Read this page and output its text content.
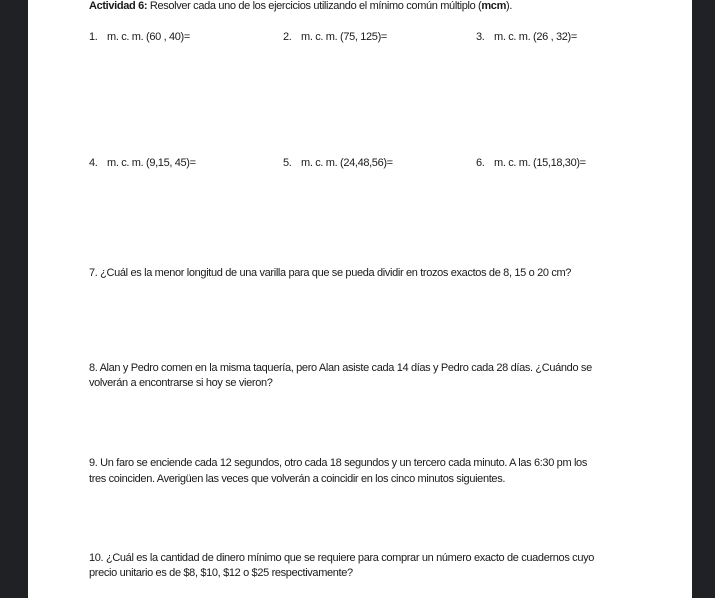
Actividad 6: Resolver cada uno de los ejercicios utilizando el mínimo común múltiplo (mcm).
1. m. c. m. (60 , 40)=	2. m. c. m. (75, 125)=	3. m. c. m. (26 , 32)=
4. m. c. m. (9,15, 45)=	5. m. c. m. (24,48,56)=	6. m. c. m. (15,18,30)=
7. ¿Cuál es la menor longitud de una varilla para que se pueda dividir en trozos exactos de 8, 15 o 20 cm?
8. Alan y Pedro comen en la misma taquería, pero Alan asiste cada 14 días y Pedro cada 28 días. ¿Cuándo se
volverán a encontrarse si hoy se vieron?
9. Un faro se enciende cada 12 segundos, otro cada 18 segundos y un tercero cada minuto. A las 6:30 pm los
tres coinciden. Averigüen las veces que volverán a coincidir en los cinco minutos siguientes.
10. ¿Cuál es la cantidad de dinero mínimo que se requiere para comprar un número exacto de cuadernos cuyo
precio unitario es de $8, $10, $12 o $25 respectivamente?
